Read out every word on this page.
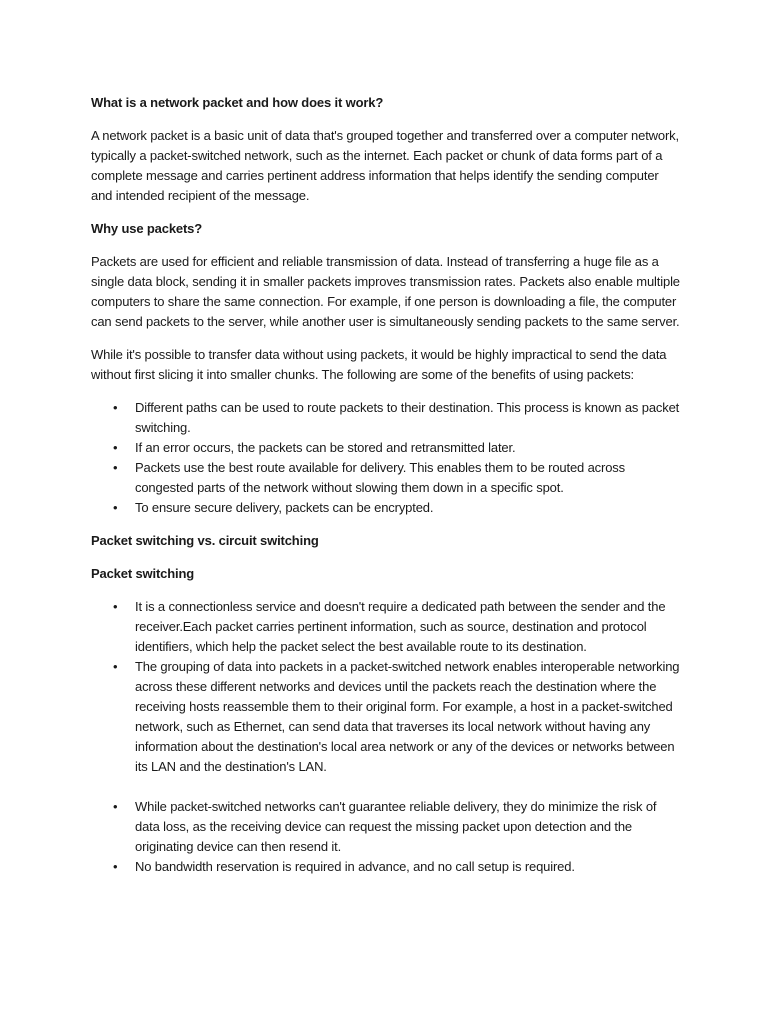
What is a network packet and how does it work?

A network packet is a basic unit of data that's grouped together and transferred over a computer network, typically a packet-switched network, such as the internet. Each packet or chunk of data forms part of a complete message and carries pertinent address information that helps identify the sending computer and intended recipient of the message.

Why use packets?

Packets are used for efficient and reliable transmission of data. Instead of transferring a huge file as a single data block, sending it in smaller packets improves transmission rates. Packets also enable multiple computers to share the same connection. For example, if one person is downloading a file, the computer can send packets to the server, while another user is simultaneously sending packets to the same server.

While it's possible to transfer data without using packets, it would be highly impractical to send the data without first slicing it into smaller chunks. The following are some of the benefits of using packets:

• Different paths can be used to route packets to their destination. This process is known as packet switching.
• If an error occurs, the packets can be stored and retransmitted later.
• Packets use the best route available for delivery. This enables them to be routed across congested parts of the network without slowing them down in a specific spot.
• To ensure secure delivery, packets can be encrypted.

Packet switching vs. circuit switching

Packet switching

• It is a connectionless service and doesn't require a dedicated path between the sender and the receiver.Each packet carries pertinent information, such as source, destination and protocol identifiers, which help the packet select the best available route to its destination.
• The grouping of data into packets in a packet-switched network enables interoperable networking across these different networks and devices until the packets reach the destination where the receiving hosts reassemble them to their original form. For example, a host in a packet-switched network, such as Ethernet, can send data that traverses its local network without having any information about the destination's local area network or any of the devices or networks between its LAN and the destination's LAN.
• While packet-switched networks can't guarantee reliable delivery, they do minimize the risk of data loss, as the receiving device can request the missing packet upon detection and the originating device can then resend it.
• No bandwidth reservation is required in advance, and no call setup is required.
